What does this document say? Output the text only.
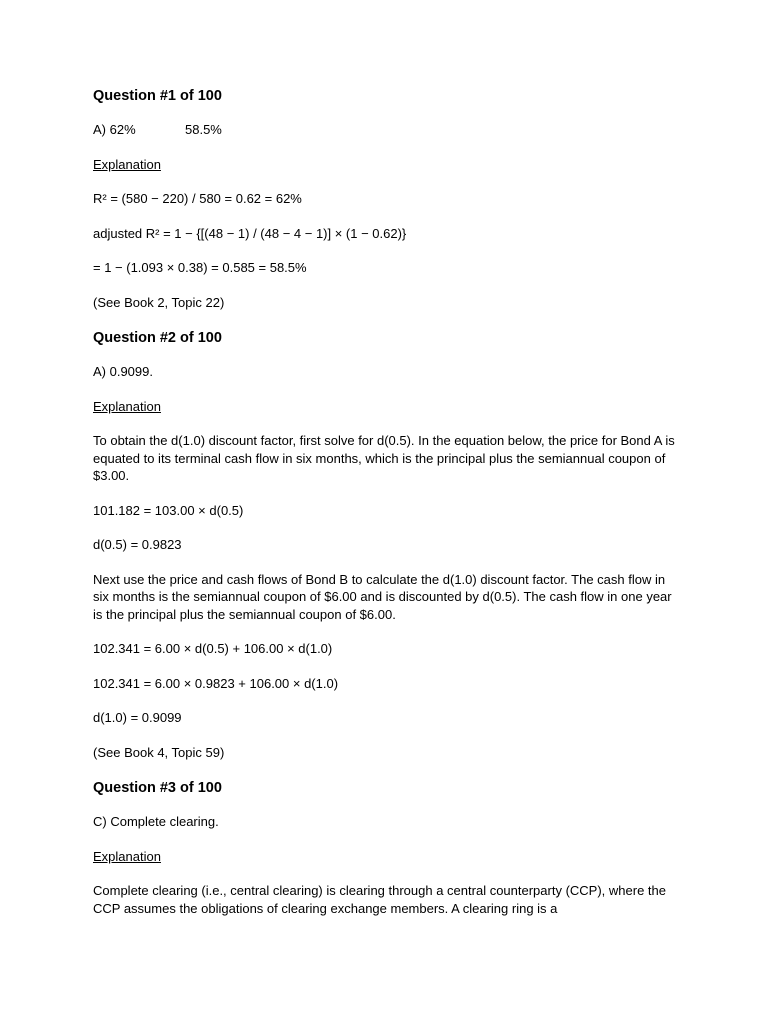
Question #1 of 100
A) 62%	58.5%
Explanation
R² = (580 − 220) / 580 = 0.62 = 62%
adjusted R² = 1 − {[(48 − 1) / (48 − 4 − 1)] × (1 − 0.62)}
= 1 − (1.093 × 0.38) = 0.585 = 58.5%
(See Book 2, Topic 22)
Question #2 of 100
A) 0.9099.
Explanation
To obtain the d(1.0) discount factor, first solve for d(0.5). In the equation below, the price for Bond A is equated to its terminal cash flow in six months, which is the principal plus the semiannual coupon of $3.00.
101.182 = 103.00 × d(0.5)
d(0.5) = 0.9823
Next use the price and cash flows of Bond B to calculate the d(1.0) discount factor. The cash flow in six months is the semiannual coupon of $6.00 and is discounted by d(0.5). The cash flow in one year is the principal plus the semiannual coupon of $6.00.
102.341 = 6.00 × d(0.5) + 106.00 × d(1.0)
102.341 = 6.00 × 0.9823 + 106.00 × d(1.0)
d(1.0) = 0.9099
(See Book 4, Topic 59)
Question #3 of 100
C) Complete clearing.
Explanation
Complete clearing (i.e., central clearing) is clearing through a central counterparty (CCP), where the CCP assumes the obligations of clearing exchange members. A clearing ring is a
